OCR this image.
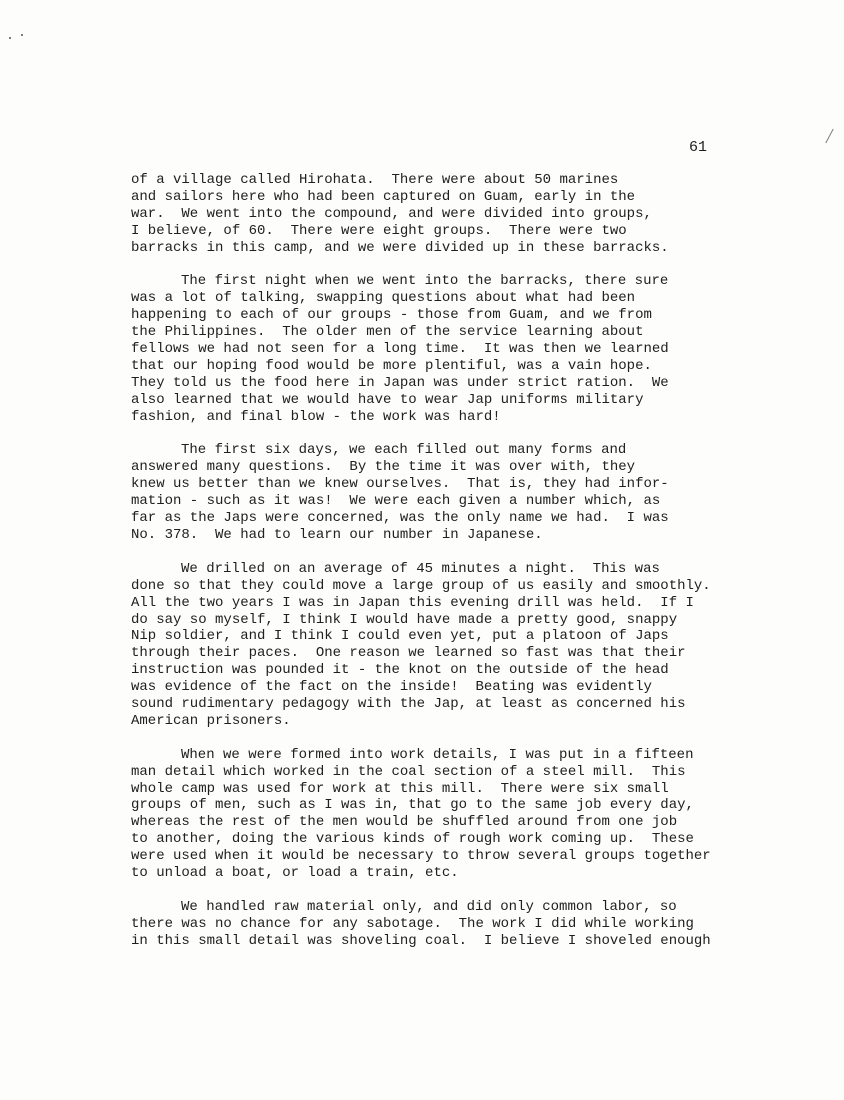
61
of a village called Hirohata.  There were about 50 marines
and sailors here who had been captured on Guam, early in the
war.  We went into the compound, and were divided into groups,
I believe, of 60.  There were eight groups.  There were two
barracks in this camp, and we were divided up in these barracks.
The first night when we went into the barracks, there sure
was a lot of talking, swapping questions about what had been
happening to each of our groups - those from Guam, and we from
the Philippines.  The older men of the service learning about
fellows we had not seen for a long time.  It was then we learned
that our hoping food would be more plentiful, was a vain hope.
They told us the food here in Japan was under strict ration.  We
also learned that we would have to wear Jap uniforms military
fashion, and final blow - the work was hard!
The first six days, we each filled out many forms and
answered many questions.  By the time it was over with, they
knew us better than we knew ourselves.  That is, they had infor-
mation - such as it was!  We were each given a number which, as
far as the Japs were concerned, was the only name we had.  I was
No. 378.  We had to learn our number in Japanese.
We drilled on an average of 45 minutes a night.  This was
done so that they could move a large group of us easily and smoothly.
All the two years I was in Japan this evening drill was held.  If I
do say so myself, I think I would have made a pretty good, snappy
Nip soldier, and I think I could even yet, put a platoon of Japs
through their paces.  One reason we learned so fast was that their
instruction was pounded it - the knot on the outside of the head
was evidence of the fact on the inside!  Beating was evidently
sound rudimentary pedagogy with the Jap, at least as concerned his
American prisoners.
When we were formed into work details, I was put in a fifteen
man detail which worked in the coal section of a steel mill.  This
whole camp was used for work at this mill.  There were six small
groups of men, such as I was in, that go to the same job every day,
whereas the rest of the men would be shuffled around from one job
to another, doing the various kinds of rough work coming up.  These
were used when it would be necessary to throw several groups together
to unload a boat, or load a train, etc.
We handled raw material only, and did only common labor, so
there was no chance for any sabotage.  The work I did while working
in this small detail was shoveling coal.  I believe I shoveled enough
